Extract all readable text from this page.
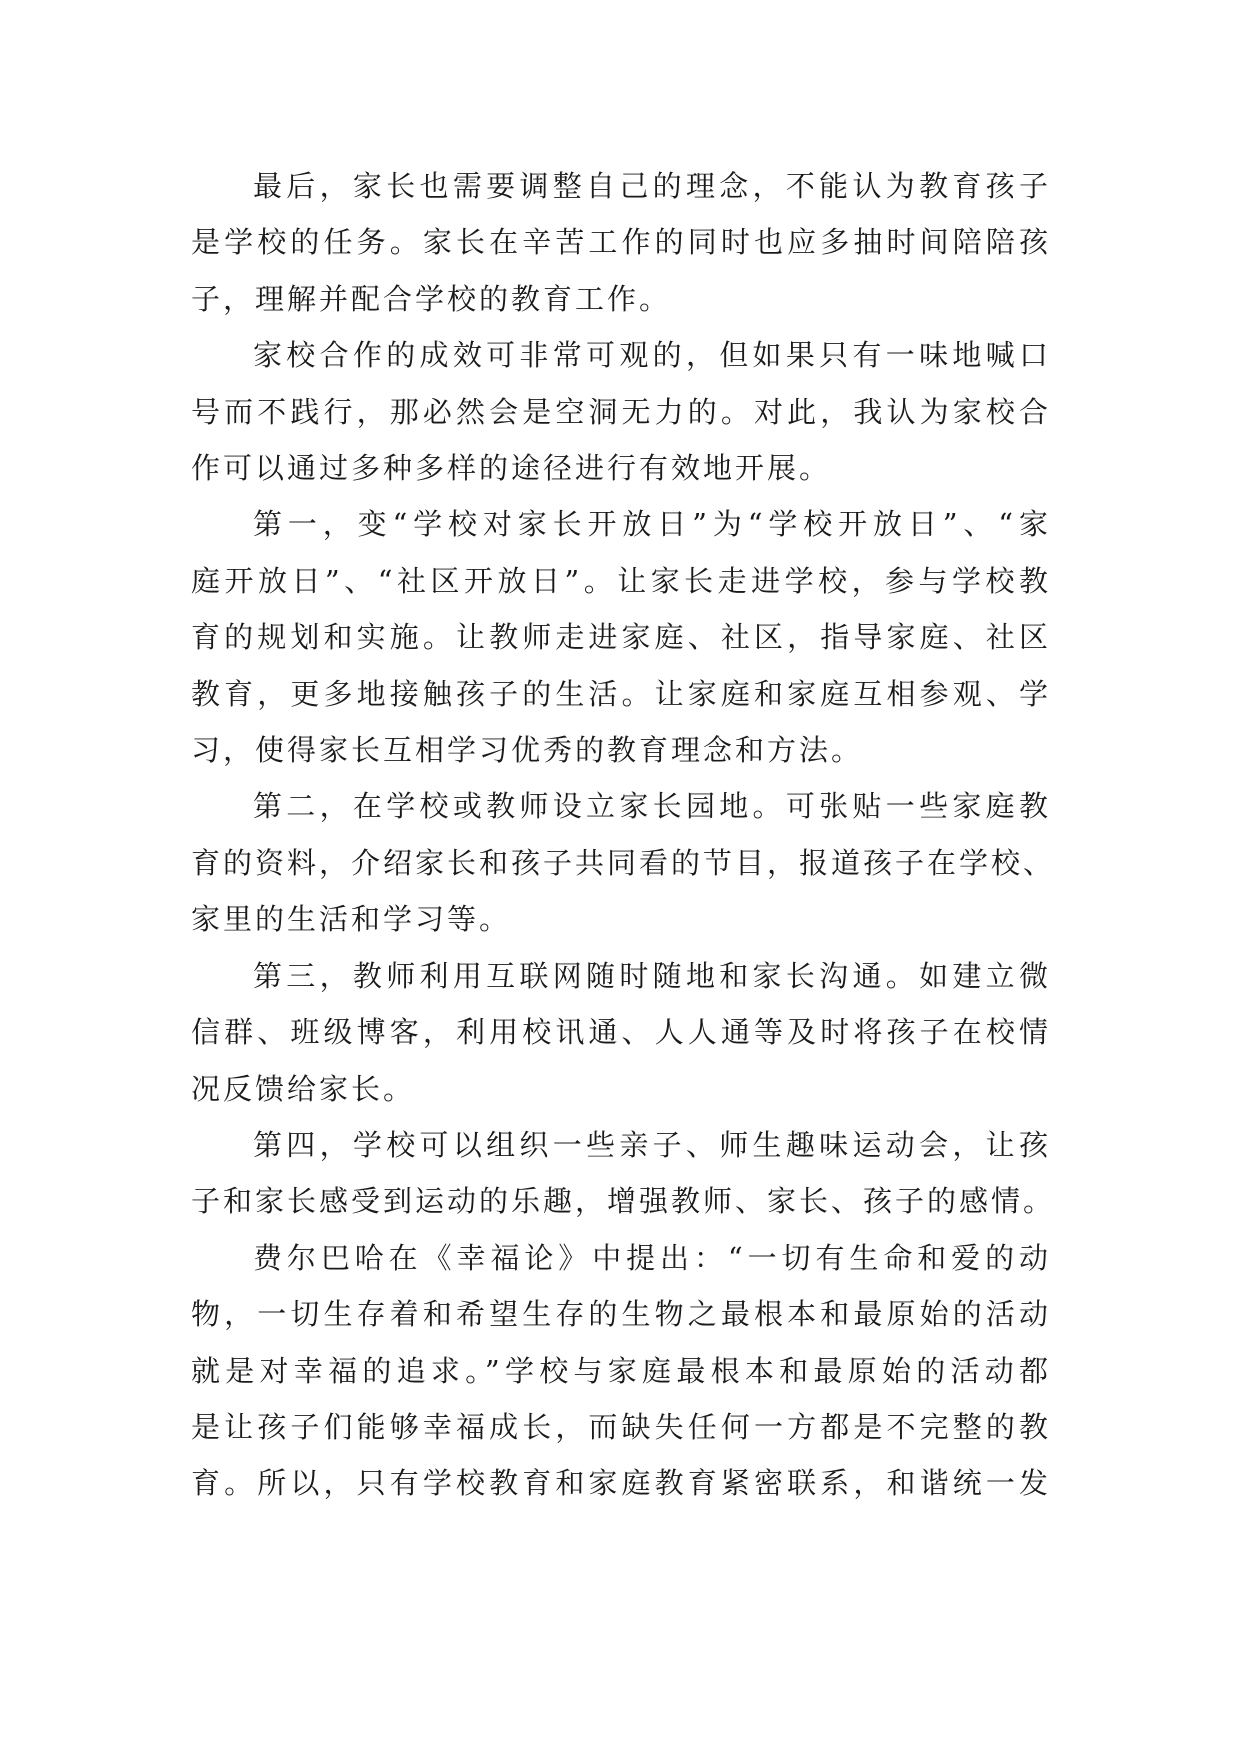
最后，家长也需要调整自己的理念，不能认为教育孩子
是学校的任务。家长在辛苦工作的同时也应多抽时间陪陪孩
子，理解并配合学校的教育工作。
家校合作的成效可非常可观的，但如果只有一味地喊口
号而不践行，那必然会是空洞无力的。对此，我认为家校合
作可以通过多种多样的途径进行有效地开展。
第一，变“学校对家长开放日”为“学校开放日”、“家
庭开放日”、“社区开放日”。让家长走进学校，参与学校教
育的规划和实施。让教师走进家庭、社区，指导家庭、社区
教育，更多地接触孩子的生活。让家庭和家庭互相参观、学
习，使得家长互相学习优秀的教育理念和方法。
第二，在学校或教师设立家长园地。可张贴一些家庭教
育的资料，介绍家长和孩子共同看的节目，报道孩子在学校、
家里的生活和学习等。
第三，教师利用互联网随时随地和家长沟通。如建立微
信群、班级博客，利用校讯通、人人通等及时将孩子在校情
况反馈给家长。
第四，学校可以组织一些亲子、师生趣味运动会，让孩
子和家长感受到运动的乐趣，增强教师、家长、孩子的感情。
费尔巴哈在《幸福论》中提出：“一切有生命和爱的动
物，一切生存着和希望生存的生物之最根本和最原始的活动
就是对幸福的追求。”学校与家庭最根本和最原始的活动都
是让孩子们能够幸福成长，而缺失任何一方都是不完整的教
育。所以，只有学校教育和家庭教育紧密联系，和谐统一发
